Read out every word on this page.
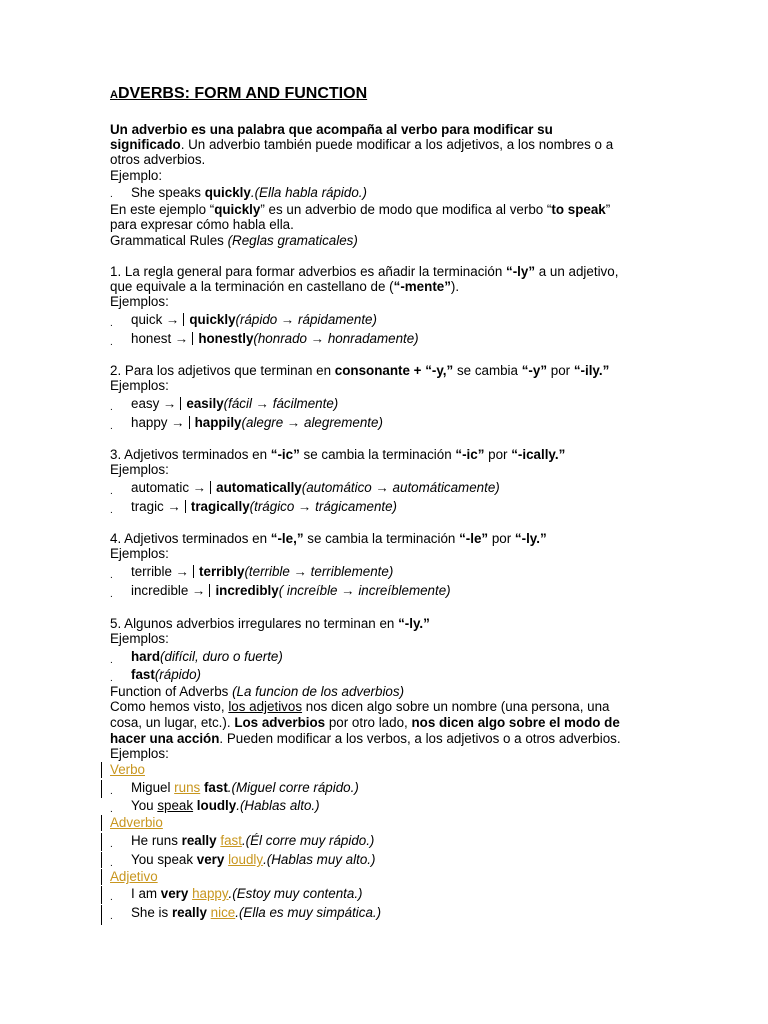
ADVERBS: FORM AND FUNCTION
Un adverbio es una palabra que acompaña al verbo para modificar su
significado. Un adverbio también puede modificar a los adjetivos, a los nombres o a
otros adverbios.
Ejemplo:
. She speaks quickly.(Ella habla rápido.)
En este ejemplo “quickly” es un adverbio de modo que modifica al verbo “to speak”
para expresar cómo habla ella.
Grammatical Rules (Reglas gramaticales)
1. La regla general para formar adverbios es añadir la terminación “-ly” a un adjetivo,
que equivale a la terminación en castellano de (“-mente”).
Ejemplos:
. quick → quickly(rápido → rápidamente)
. honest → honestly(honrado → honradamente)
2. Para los adjetivos que terminan en consonante + “-y,” se cambia “-y” por “-ily.”
Ejemplos:
. easy → easily(fácil → fácilmente)
. happy → happily(alegre → alegremente)
3. Adjetivos terminados en “-ic” se cambia la terminación “-ic” por “-ically.”
Ejemplos:
. automatic → automatically(automático → automáticamente)
. tragic → tragically(trágico → trágicamente)
4. Adjetivos terminados en “-le,” se cambia la terminación “-le” por “-ly.”
Ejemplos:
. terrible → terribly(terrible → terriblemente)
. incredible → incredibly( increíble → increíblemente)
5. Algunos adverbios irregulares no terminan en “-ly.”
Ejemplos:
. hard(difícil, duro o fuerte)
. fast(rápido)
Function of Adverbs (La funcion de los adverbios)
Como hemos visto, los adjetivos nos dicen algo sobre un nombre (una persona, una
cosa, un lugar, etc.). Los adverbios por otro lado, nos dicen algo sobre el modo de
hacer una acción. Pueden modificar a los verbos, a los adjetivos o a otros adverbios.
Ejemplos:
Verbo
. Miguel runs fast.(Miguel corre rápido.)
. You speak loudly.(Hablas alto.)
Adverbio
. He runs really fast.(Él corre muy rápido.)
. You speak very loudly.(Hablas muy alto.)
Adjetivo
. I am very happy.(Estoy muy contenta.)
. She is really nice.(Ella es muy simpática.)
